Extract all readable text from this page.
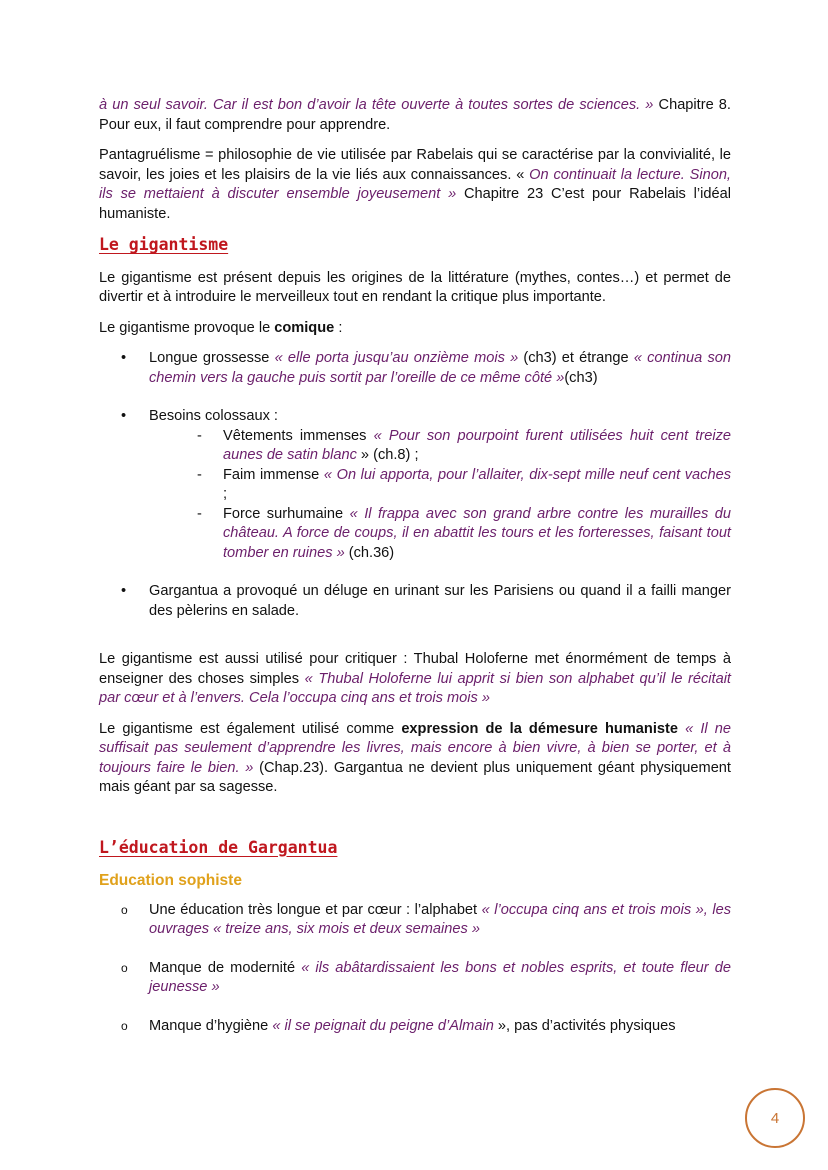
à un seul savoir. Car il est bon d’avoir la tête ouverte à toutes sortes de sciences. » Chapitre 8. Pour eux, il faut comprendre pour apprendre.

Pantagruélisme = philosophie de vie utilisée par Rabelais qui se caractérise par la convivialité, le savoir, les joies et les plaisirs de la vie liés aux connaissances. « On continuait la lecture. Sinon, ils se mettaient à discuter ensemble joyeusement » Chapitre 23 C’est pour Rabelais l’idéal humaniste.

Le gigantisme

Le gigantisme est présent depuis les origines de la littérature (mythes, contes…) et permet de divertir et à introduire le merveilleux tout en rendant la critique plus importante.

Le gigantisme provoque le comique :

• Longue grossesse « elle porta jusqu’au onzième mois » (ch3) et étrange « continua son chemin vers la gauche puis sortit par l’oreille de ce même côté »(ch3)
• Besoins colossaux :
- Vêtements immenses « Pour son pourpoint furent utilisées huit cent treize aunes de satin blanc » (ch.8) ;
- Faim immense « On lui apporta, pour l’allaiter, dix-sept mille neuf cent vaches ;
- Force surhumaine « Il frappa avec son grand arbre contre les murailles du château. A force de coups, il en abattit les tours et les forteresses, faisant tout tomber en ruines » (ch.36)
• Gargantua a provoqué un déluge en urinant sur les Parisiens ou quand il a failli manger des pèlerins en salade.

Le gigantisme est aussi utilisé pour critiquer : Thubal Holoferne met énormément de temps à enseigner des choses simples « Thubal Holoferne lui apprit si bien son alphabet qu’il le récitait par cœur et à l’envers. Cela l’occupa cinq ans et trois mois »

Le gigantisme est également utilisé comme expression de la démesure humaniste « Il ne suffisait pas seulement d’apprendre les livres, mais encore à bien vivre, à bien se porter, et à toujours faire le bien. » (Chap.23). Gargantua ne devient plus uniquement géant physiquement mais géant par sa sagesse.

L’éducation de Gargantua
Education sophiste
o Une éducation très longue et par cœur : l’alphabet « l’occupa cinq ans et trois mois », les ouvrages « treize ans, six mois et deux semaines »
o Manque de modernité « ils abâtardissaient les bons et nobles esprits, et toute fleur de jeunesse »
o Manque d’hygiène « il se peignait du peigne d’Almain », pas d’activités physiques
4
